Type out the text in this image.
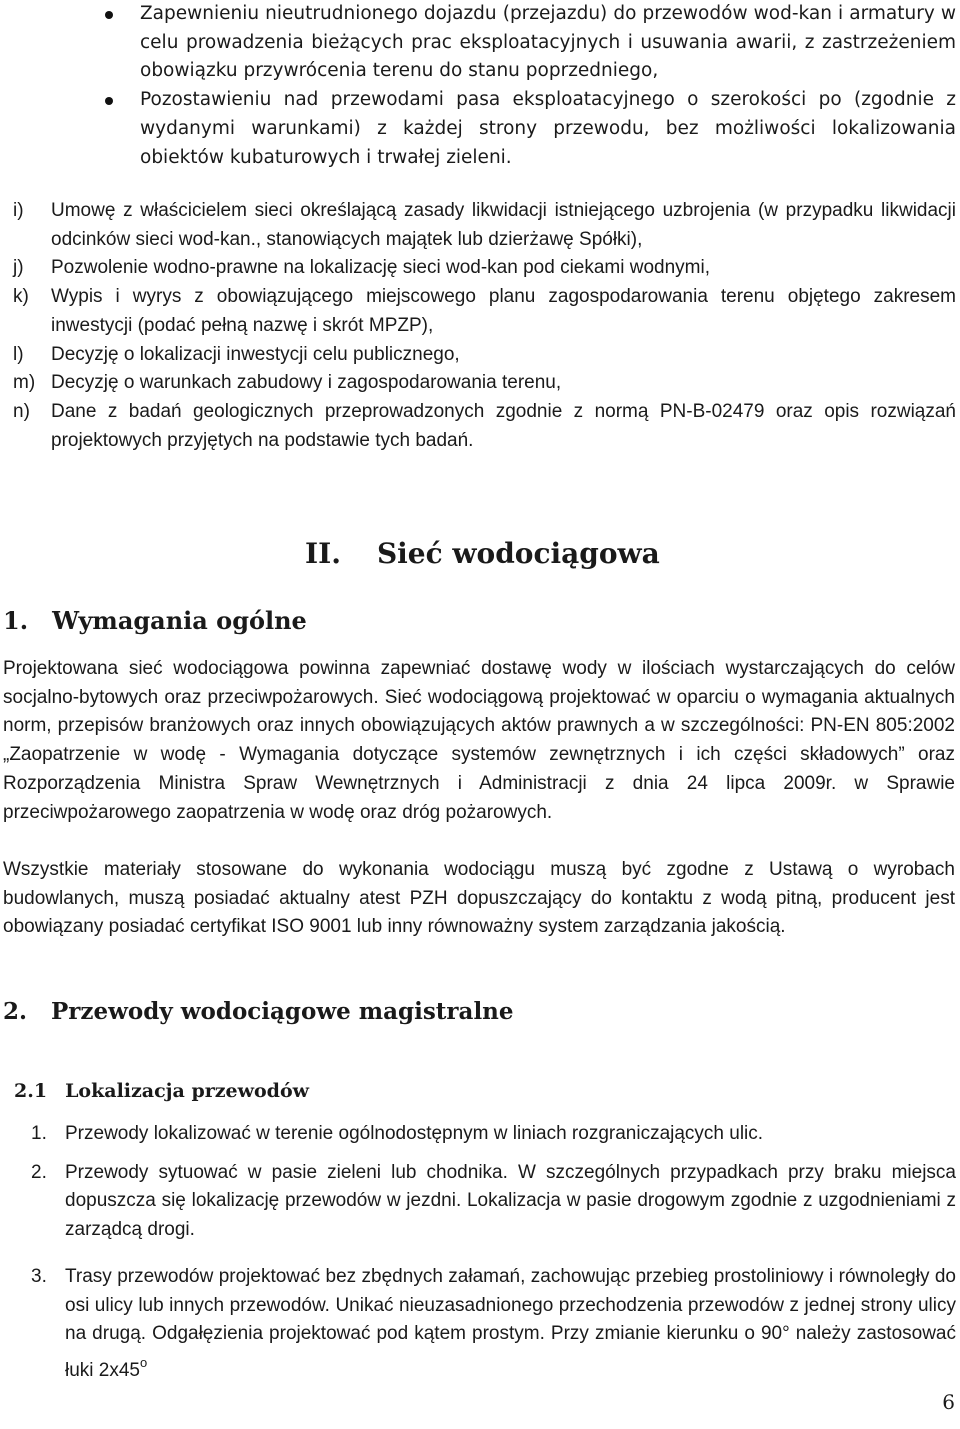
Zapewnieniu nieutrudnionego dojazdu (przejazdu) do przewodów wod-kan i armatury w celu prowadzenia bieżących prac eksploatacyjnych i usuwania awarii, z zastrzeżeniem obowiązku przywrócenia terenu do stanu poprzedniego,
Pozostawieniu nad przewodami pasa eksploatacyjnego o szerokości po (zgodnie z wydanymi warunkami) z każdej strony przewodu, bez możliwości lokalizowania obiektów kubaturowych i trwałej zieleni.
i) Umowę z właścicielem sieci określającą zasady likwidacji istniejącego uzbrojenia (w przypadku likwidacji odcinków sieci wod-kan., stanowiących majątek lub dzierżawę Spółki),
j) Pozwolenie wodno-prawne na lokalizację sieci wod-kan pod ciekami wodnymi,
k) Wypis i wyrys z obowiązującego miejscowego planu zagospodarowania terenu objętego zakresem inwestycji (podać pełną nazwę i skrót MPZP),
l) Decyzję o lokalizacji inwestycji celu publicznego,
m) Decyzję o warunkach zabudowy i zagospodarowania terenu,
n) Dane z badań geologicznych przeprowadzonych zgodnie z normą PN-B-02479 oraz opis rozwiązań projektowych przyjętych na podstawie tych badań.
II. Sieć wodociągowa
1. Wymagania ogólne
Projektowana sieć wodociągowa powinna zapewniać dostawę wody w ilościach wystarczających do celów socjalno-bytowych oraz przeciwpożarowych. Sieć wodociągową projektować w oparciu o wymagania aktualnych norm, przepisów branżowych oraz innych obowiązujących aktów prawnych a w szczególności: PN-EN 805:2002 „Zaopatrzenie w wodę - Wymagania dotyczące systemów zewnętrznych i ich części składowych” oraz Rozporządzenia Ministra Spraw Wewnętrznych i Administracji z dnia 24 lipca 2009r. w Sprawie przeciwpożarowego zaopatrzenia w wodę oraz dróg pożarowych.
Wszystkie materiały stosowane do wykonania wodociągu muszą być zgodne z Ustawą o wyrobach budowlanych, muszą posiadać aktualny atest PZH dopuszczający do kontaktu z wodą pitną, producent jest obowiązany posiadać certyfikat ISO 9001 lub inny równoważny system zarządzania jakością.
2. Przewody wodociągowe magistralne
2.1 Lokalizacja przewodów
1. Przewody lokalizować w terenie ogólnodostępnym w liniach rozgraniczających ulic.
2. Przewody sytuować w pasie zieleni lub chodnika. W szczególnych przypadkach przy braku miejsca dopuszcza się lokalizację przewodów w jezdni. Lokalizacja w pasie drogowym zgodnie z uzgodnieniami z zarządcą drogi.
3. Trasy przewodów projektować bez zbędnych załamań, zachowując przebieg prostoliniowy i równoległy do osi ulicy lub innych przewodów. Unikać nieuzasadnionego przechodzenia przewodów z jednej strony ulicy na drugą. Odgałęzienia projektować pod kątem prostym. Przy zmianie kierunku o 90° należy zastosować łuki 2x45$^o$
6
